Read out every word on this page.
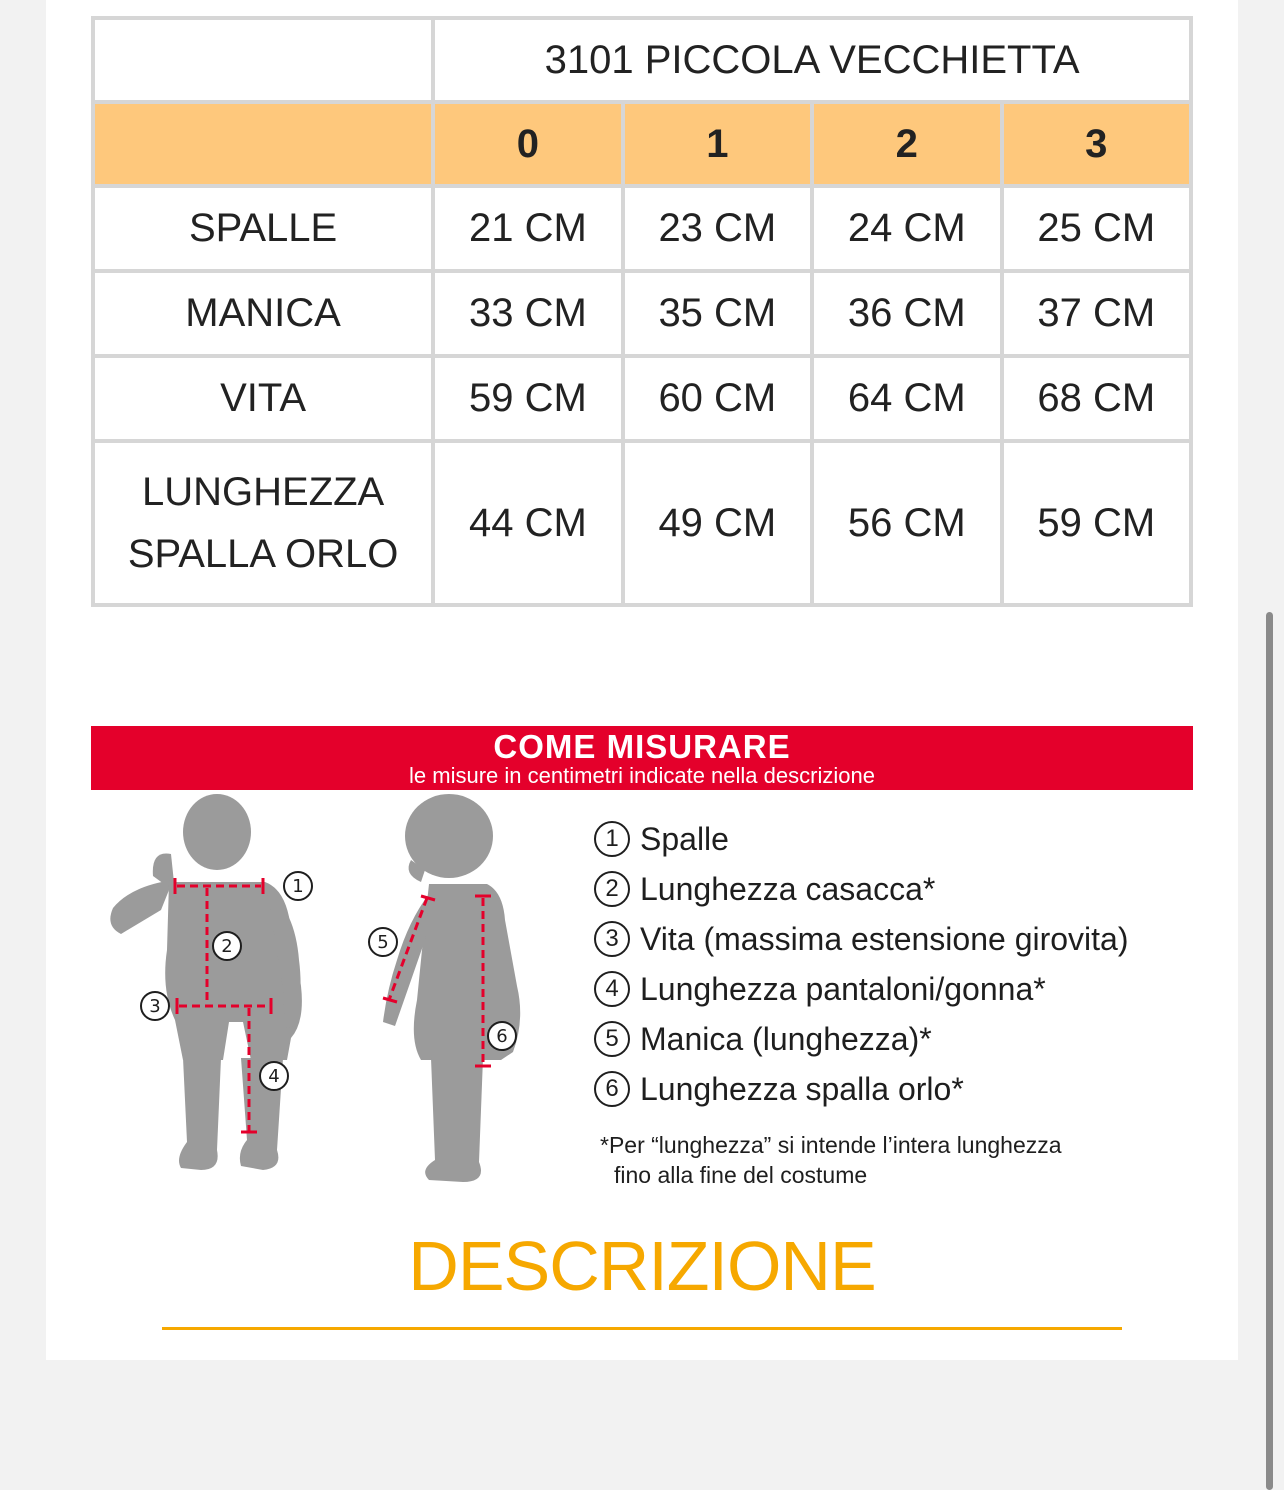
	3101 PICCOLA VECCHIETTA			
	0	1	2	3
SPALLE	21 CM	23 CM	24 CM	25 CM
MANICA	33 CM	35 CM	36 CM	37 CM
VITA	59 CM	60 CM	64 CM	68 CM

LUNGHEZZA
SPALLA ORLO	44 CM	49 CM	56 CM	59 CM
COME MISURARE
le misure in centimetri indicate nella descrizione
1
2
3
4
5
6
1 Spalle
2 Lunghezza casacca*
3 Vita (massima estensione girovita)
4 Lunghezza pantaloni/gonna*
5 Manica (lunghezza)*
6 Lunghezza spalla orlo*
*Per “lunghezza” si intende l’intera lunghezza
fino alla fine del costume
DESCRIZIONE
